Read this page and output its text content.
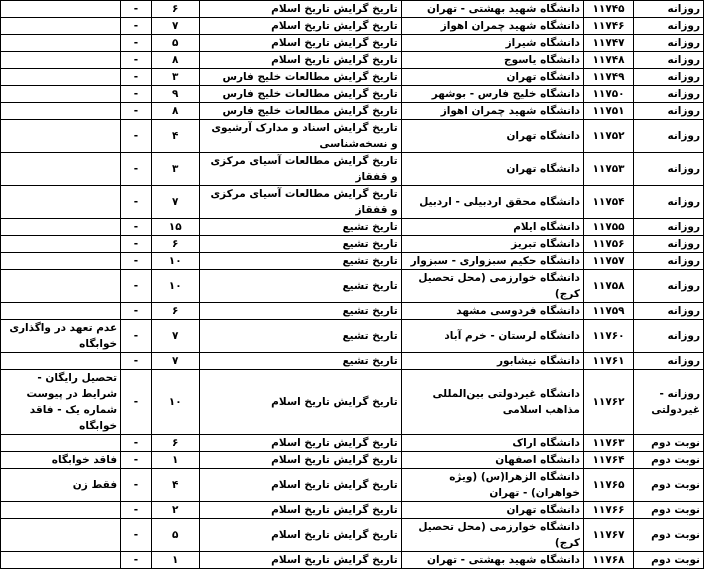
روزانه	۱۱۷۴۵	دانشگاه شهید بهشتی - تهران	تاریخ گرایش تاریخ اسلام	۶	-	
روزانه	۱۱۷۴۶	دانشگاه شهید چمران اهواز	تاریخ گرایش تاریخ اسلام	۷	-	
روزانه	۱۱۷۴۷	دانشگاه شیراز	تاریخ گرایش تاریخ اسلام	۵	-	
روزانه	۱۱۷۴۸	دانشگاه یاسوج	تاریخ گرایش تاریخ اسلام	۸	-	
روزانه	۱۱۷۴۹	دانشگاه تهران	تاریخ گرایش مطالعات خلیج فارس	۳	-	
روزانه	۱۱۷۵۰	دانشگاه خلیج فارس - بوشهر	تاریخ گرایش مطالعات خلیج فارس	۹	-	
روزانه	۱۱۷۵۱	دانشگاه شهید چمران اهواز	تاریخ گرایش مطالعات خلیج فارس	۸	-	
روزانه	۱۱۷۵۲	دانشگاه تهران	تاریخ گرایش اسناد و مدارک آرشیوی و نسخه‌شناسی	۴	-	
روزانه	۱۱۷۵۳	دانشگاه تهران	تاریخ گرایش مطالعات آسیای مرکزی و قفقاز	۳	-	
روزانه	۱۱۷۵۴	دانشگاه محقق اردبیلی - اردبیل	تاریخ گرایش مطالعات آسیای مرکزی و قفقاز	۷	-	
روزانه	۱۱۷۵۵	دانشگاه ایلام	تاریخ تشیع	۱۵	-	
روزانه	۱۱۷۵۶	دانشگاه تبریز	تاریخ تشیع	۶	-	
روزانه	۱۱۷۵۷	دانشگاه حکیم سبزواری - سبزوار	تاریخ تشیع	۱۰	-	
روزانه	۱۱۷۵۸	دانشگاه خوارزمی (محل تحصیل کرج)	تاریخ تشیع	۱۰	-	
روزانه	۱۱۷۵۹	دانشگاه فردوسی مشهد	تاریخ تشیع	۶	-	
روزانه	۱۱۷۶۰	دانشگاه لرستان - خرم آباد	تاریخ تشیع	۷	-	عدم تعهد در واگذاری خوابگاه
روزانه	۱۱۷۶۱	دانشگاه نیشابور	تاریخ تشیع	۷	-	
روزانه - غیردولتی	۱۱۷۶۲	دانشگاه غیردولتی بین‌المللی مذاهب اسلامی	تاریخ گرایش تاریخ اسلام	۱۰	-	تحصیل رایگان - شرایط در پیوست شماره یک - فاقد خوابگاه
نوبت دوم	۱۱۷۶۳	دانشگاه اراک	تاریخ گرایش تاریخ اسلام	۶	-	
نوبت دوم	۱۱۷۶۴	دانشگاه اصفهان	تاریخ گرایش تاریخ اسلام	۱	-	فاقد خوابگاه
نوبت دوم	۱۱۷۶۵	دانشگاه الزهرا(س) (ویژه خواهران) - تهران	تاریخ گرایش تاریخ اسلام	۴	-	فقط زن
نوبت دوم	۱۱۷۶۶	دانشگاه تهران	تاریخ گرایش تاریخ اسلام	۲	-	
نوبت دوم	۱۱۷۶۷	دانشگاه خوارزمی (محل تحصیل کرج)	تاریخ گرایش تاریخ اسلام	۵	-	
نوبت دوم	۱۱۷۶۸	دانشگاه شهید بهشتی - تهران	تاریخ گرایش تاریخ اسلام	۱	-	
